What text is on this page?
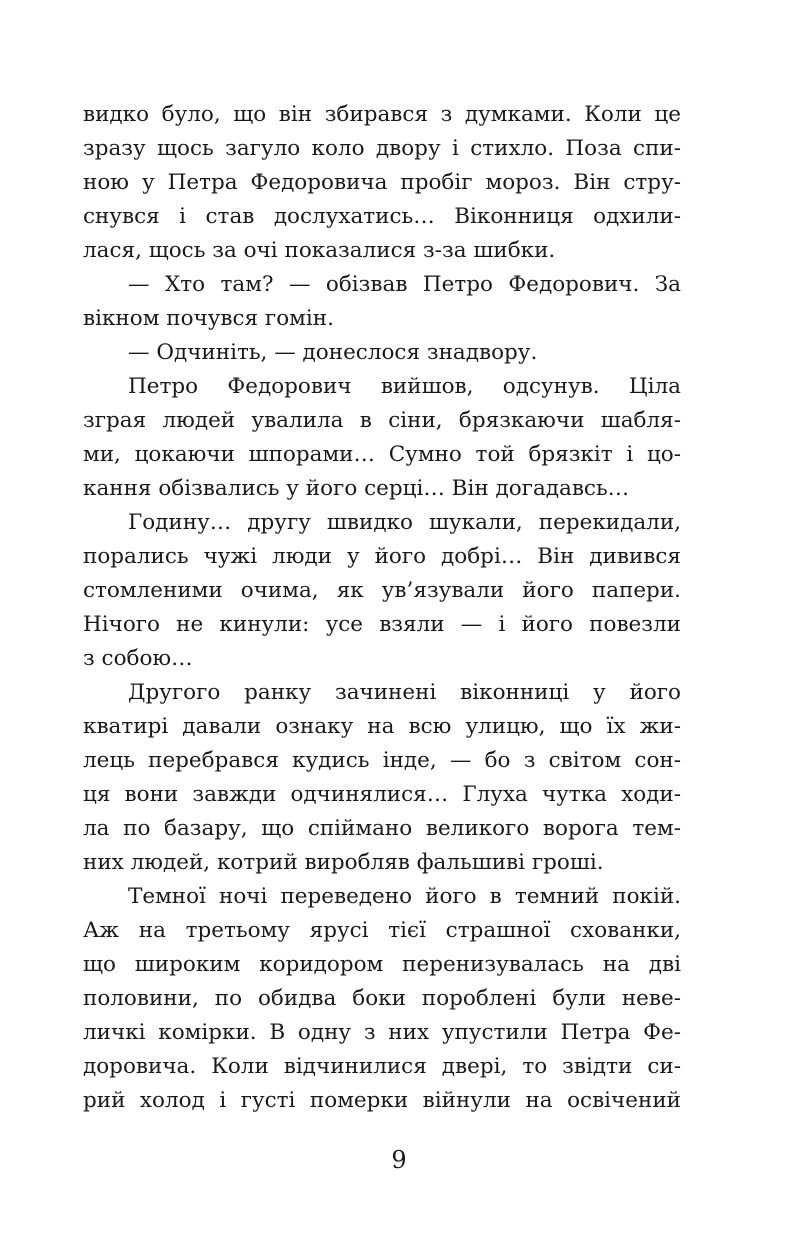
видко було, що він збирався з думками. Коли це
зразу щось загуло коло двору і стихло. Поза спи-
ною у Петра Федоровича пробіг мороз. Він стру-
снувся і став дослухатись… Віконниця одхили-
лася, щось за очі показалися з-за шибки.
— Хто там? — обізвав Петро Федорович. За
вікном почувся гомін.
— Одчиніть, — донеслося знадвору.
Петро Федорович вийшов, одсунув. Ціла
зграя людей увалила в сіни, брязкаючи шабля-
ми, цокаючи шпорами… Сумно той брязкіт і цо-
кання обізвались у його серці… Він догадавсь…
Годину… другу швидко шукали, перекидали,
порались чужі люди у його добрі… Він дивився
стомленими очима, як ув’язували його папери.
Нічого не кинули: усе взяли — і його повезли
з собою…
Другого ранку зачинені віконниці у його
кватирі давали ознаку на всю улицю, що їх жи-
лець перебрався кудись інде, — бо з світом сон-
ця вони завжди одчинялися… Глуха чутка ходи-
ла по базару, що спіймано великого ворога тем-
них людей, котрий виробляв фальшиві гроші.
Темної ночі переведено його в темний покій.
Аж на третьому ярусі тієї страшної схованки,
що широким коридором перенизувалась на дві
половини, по обидва боки пороблені були неве-
личкі комірки. В одну з них упустили Петра Фе-
доровича. Коли відчинилися двері, то звідти си-
рий холод і густі померки війнули на освічений
9
